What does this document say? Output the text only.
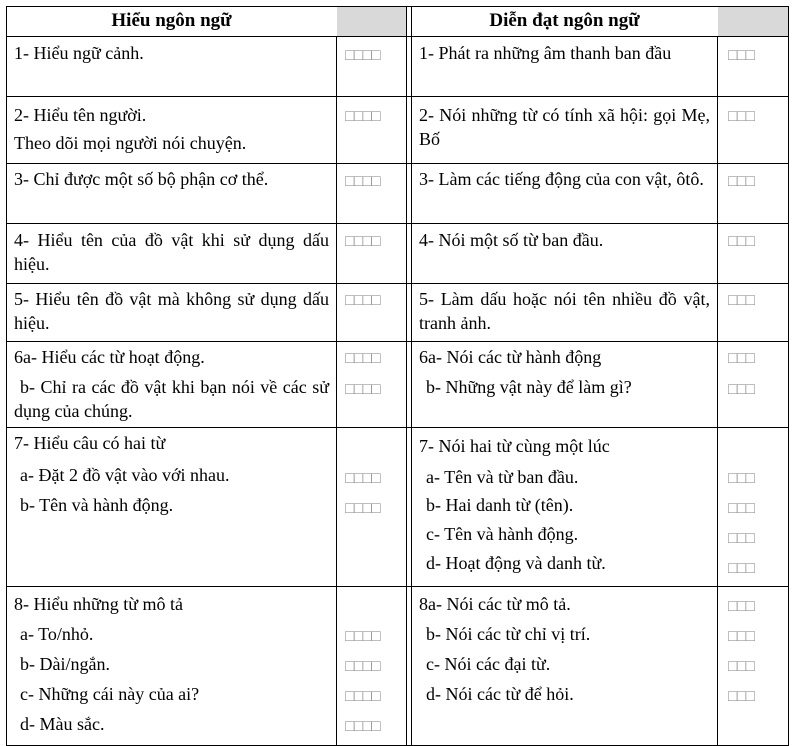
Hiểu ngôn ngữ	Diễn đạt ngôn ngữ
1- Hiểu ngữ cảnh.
2- Hiểu tên người.
Theo dõi mọi người nói chuyện.
3- Chỉ được một số bộ phận cơ thể.
4- Hiểu tên của đồ vật khi sử dụng dấu hiệu.
5- Hiểu tên đồ vật mà không sử dụng dấu hiệu.
6a- Hiểu các từ hoạt động.
b- Chỉ ra các đồ vật khi bạn nói về các sử dụng của chúng.
7- Hiểu câu có hai từ
a- Đặt 2 đồ vật vào với nhau.
b- Tên và hành động.
8- Hiểu những từ mô tả
a- To/nhỏ.
b- Dài/ngắn.
c- Những cái này của ai?
d- Màu sắc.
□□□□
□□□□
□□□□
□□□□
□□□□
□□□□
□□□□
□□□□
□□□□
□□□□
□□□□
□□□□
□□□□
1- Phát ra những âm thanh ban đầu
2- Nói những từ có tính xã hội: gọi Mẹ, Bố
3- Làm các tiếng động của con vật, ôtô.
4- Nói một số từ ban đầu.
5- Làm dấu hoặc nói tên nhiều đồ vật, tranh ảnh.
6a- Nói các từ hành động
b- Những vật này để làm gì?
7- Nói hai từ cùng một lúc
a- Tên và từ ban đầu.
b- Hai danh từ (tên).
c- Tên và hành động.
d- Hoạt động và danh từ.
8a- Nói các từ mô tả.
b- Nói các từ chỉ vị trí.
c- Nói các đại từ.
d- Nói các từ để hỏi.
□□□
□□□
□□□
□□□
□□□
□□□
□□□
□□□
□□□
□□□
□□□
□□□
□□□
□□□
□□□
